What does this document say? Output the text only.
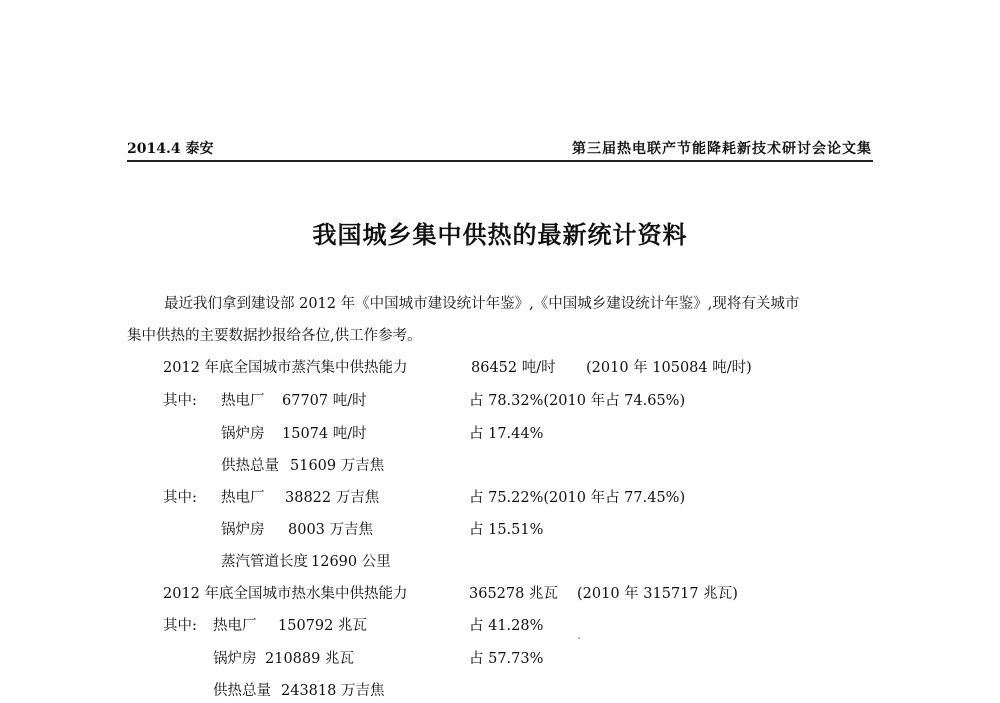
2014.4 泰安	第三届热电联产节能降耗新技术研讨会论文集
我国城乡集中供热的最新统计资料
最近我们拿到建设部 2012 年《中国城市建设统计年鉴》,《中国城乡建设统计年鉴》,现将有关城市
集中供热的主要数据抄报给各位,供工作参考。
2012 年底全国城市蒸汽集中供热能力	86452 吨/时 (2010 年 105084 吨/时)
其中: 热电厂 67707 吨/时	占 78.32%(2010 年占 74.65%)
锅炉房 15074 吨/时	占 17.44%
供热总量 51609 万吉焦
其中: 热电厂 38822 万吉焦	占 75.22%(2010 年占 77.45%)
锅炉房 8003 万吉焦	占 15.51%
蒸汽管道长度 12690 公里
2012 年底全国城市热水集中供热能力	365278 兆瓦 (2010 年 315717 兆瓦)
其中: 热电厂 150792 兆瓦	占 41.28%
锅炉房 210889 兆瓦	占 57.73%
供热总量 243818 万吉焦
